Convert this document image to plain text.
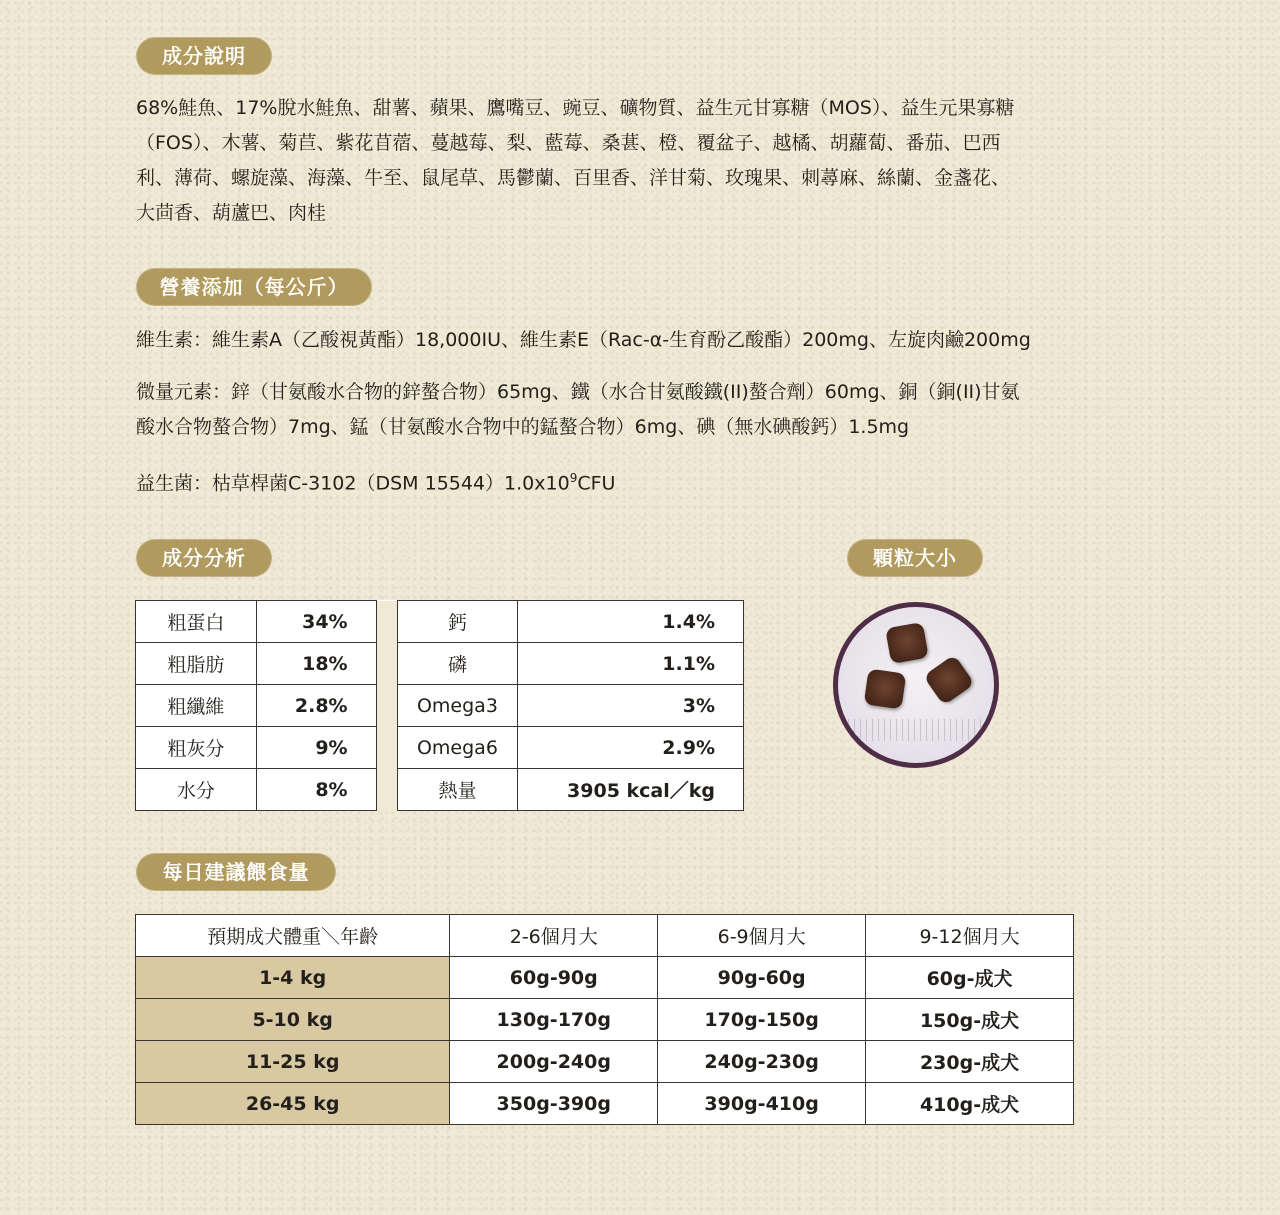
成分說明
營養添加（每公斤）
成分分析	顆粒大小
每日建議餵食量
68%鮭魚、17%脫水鮭魚、甜薯、蘋果、鷹嘴豆、豌豆、礦物質、益生元甘寡糖（MOS）、益生元果寡糖
（FOS）、木薯、菊苣、紫花苜蓿、蔓越莓、梨、藍莓、桑葚、橙、覆盆子、越橘、胡蘿蔔、番茄、巴西
利、薄荷、螺旋藻、海藻、牛至、鼠尾草、馬鬱蘭、百里香、洋甘菊、玫瑰果、刺蕁麻、絲蘭、金盞花、
大茴香、葫蘆巴、肉桂
維生素：維生素A（乙酸視黃酯）18,000IU、維生素E（Rac-α-生育酚乙酸酯）200mg、左旋肉鹼200mg
微量元素：鋅（甘氨酸水合物的鋅螯合物）65mg、鐵（水合甘氨酸鐵(II)螯合劑）60mg、銅（銅(II)甘氨
酸水合物螯合物）7mg、錳（甘氨酸水合物中的錳螯合物）6mg、碘（無水碘酸鈣）1.5mg
益生菌：枯草桿菌C-3102（DSM $15544)1.0x10^9CFU$
粗蛋白	34%		鈣	1.4%
粗脂肪	18%		磷	1.1%
粗纖維	2.8%		Omega3	3%
粗灰分	9%		Omega6	2.9%
水分	8%		熱量	3905 kcal／kg
預期成犬體重＼年齡	2-6個月大	6-9個月大	9-12個月大
1-4 kg	60g-90g	90g-60g	60g-成犬
5-10 kg	130g-170g	170g-150g	150g-成犬
11-25 kg	200g-240g	240g-230g	230g-成犬
26-45 kg	350g-390g	390g-410g	410g-成犬
